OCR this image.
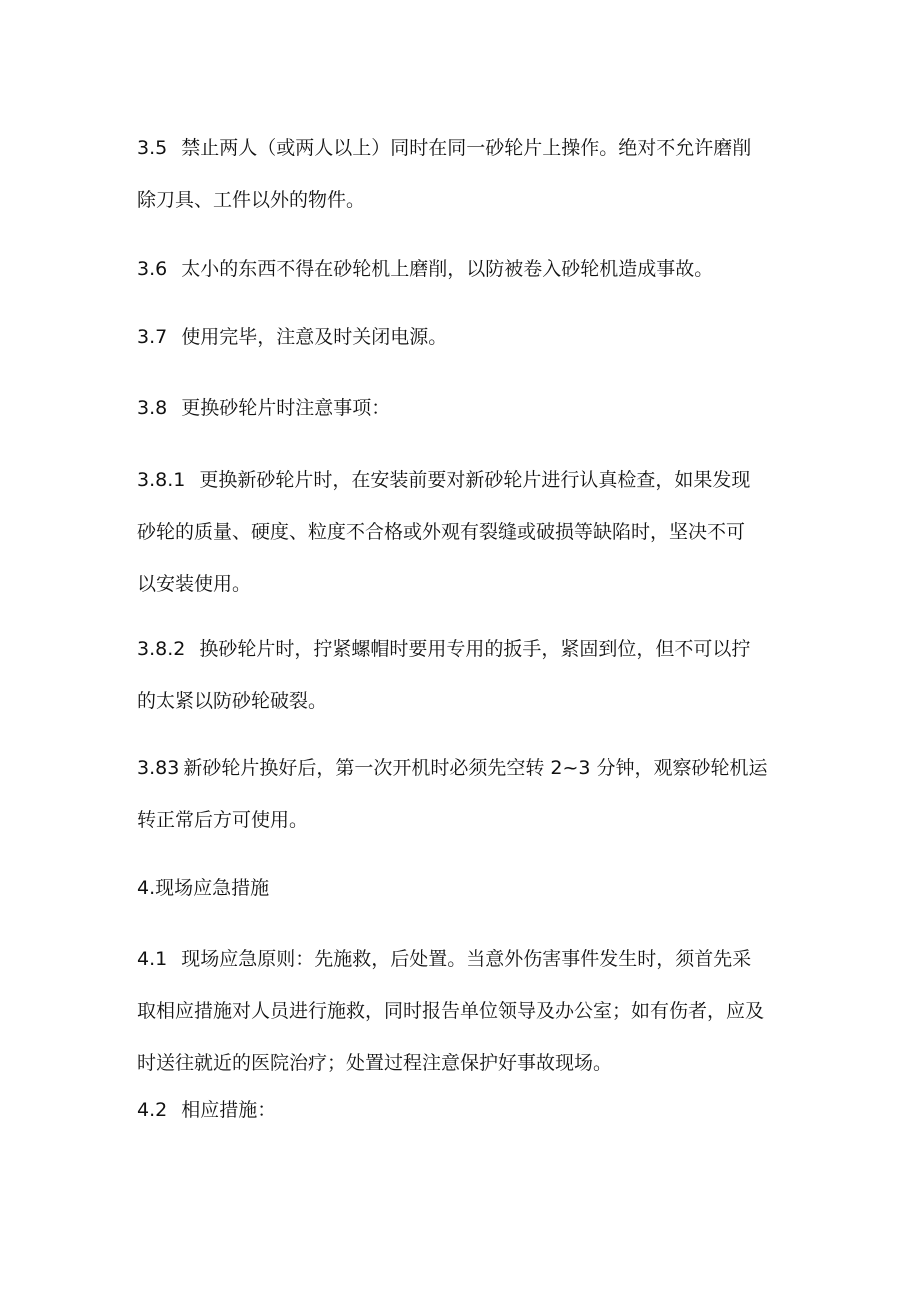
3.5 禁止两人（或两人以上）同时在同一砂轮片上操作。绝对不允许磨削
除刀具、工件以外的物件。

3.6 太小的东西不得在砂轮机上磨削，以防被卷入砂轮机造成事故。

3.7 使用完毕，注意及时关闭电源。

3.8 更换砂轮片时注意事项：

3.8.1 更换新砂轮片时，在安装前要对新砂轮片进行认真检查，如果发现
砂轮的质量、硬度、粒度不合格或外观有裂缝或破损等缺陷时，坚决不可
以安装使用。

3.8.2 换砂轮片时，拧紧螺帽时要用专用的扳手，紧固到位，但不可以拧
的太紧以防砂轮破裂。

3.83 新砂轮片换好后，第一次开机时必须先空转 2~3 分钟，观察砂轮机运
转正常后方可使用。

4.现场应急措施

4.1 现场应急原则：先施救，后处置。当意外伤害事件发生时，须首先采
取相应措施对人员进行施救，同时报告单位领导及办公室；如有伤者，应及
时送往就近的医院治疗；处置过程注意保护好事故现场。

4.2 相应措施：
